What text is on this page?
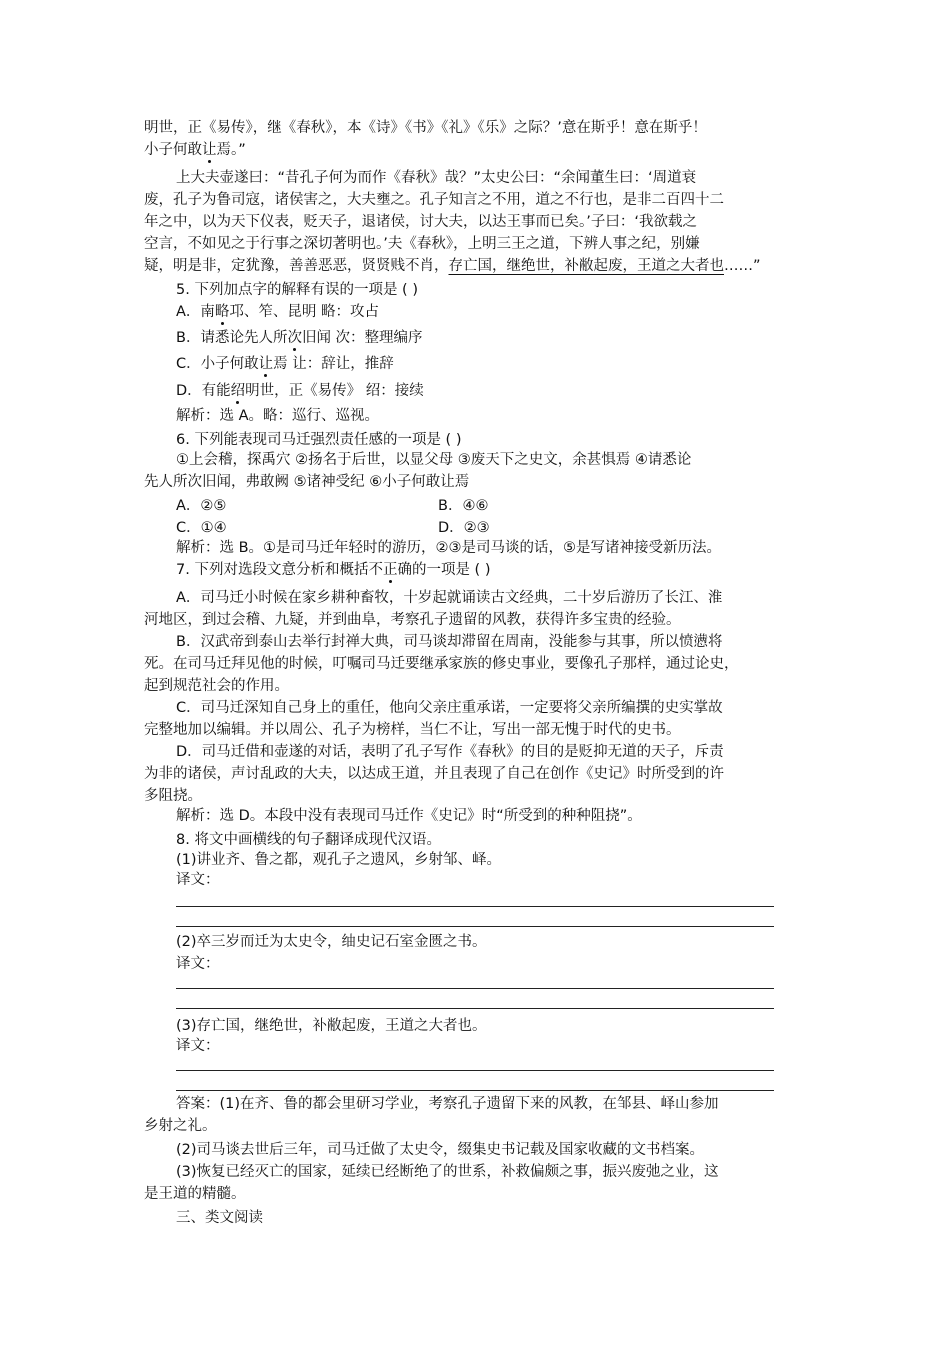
明世，正《易传》，继《春秋》，本《诗》《书》《礼》《乐》之际？’意在斯乎！意在斯乎！
小子何敢让焉。”
上大夫壶遂曰：“昔孔子何为而作《春秋》哉？”太史公曰：“余闻董生曰：‘周道衰
废，孔子为鲁司寇，诸侯害之，大夫壅之。孔子知言之不用，道之不行也，是非二百四十二
年之中，以为天下仪表，贬天子，退诸侯，讨大夫，以达王事而已矣。’子曰：‘我欲载之
空言，不如见之于行事之深切著明也。’夫《春秋》，上明三王之道，下辨人事之纪，别嫌
疑，明是非，定犹豫，善善恶恶，贤贤贱不肖，存亡国，继绝世，补敝起废，王道之大者也……”
5. 下列加点字的解释有误的一项是 ( )
A．南略邛、笮、昆明 略：攻占
B．请悉论先人所次旧闻 次：整理编序
C．小子何敢让焉 让：辞让，推辞
D．有能绍明世，正《易传》 绍：接续
解析：选 A。略：巡行、巡视。
6. 下列能表现司马迁强烈责任感的一项是 ( )
①上会稽，探禹穴 ②扬名于后世，以显父母 ③废天下之史文，余甚惧焉 ④请悉论
先人所次旧闻，弗敢阙 ⑤诸神受纪 ⑥小子何敢让焉
A．②⑤	B．④⑥
C．①④	D．②③
解析：选 B。①是司马迁年轻时的游历，②③是司马谈的话，⑤是写诸神接受新历法。
7. 下列对选段文意分析和概括不正确的一项是 ( )
A．司马迁小时候在家乡耕种畜牧，十岁起就诵读古文经典，二十岁后游历了长江、淮
河地区，到过会稽、九疑，并到曲阜，考察孔子遗留的风教，获得许多宝贵的经验。
B．汉武帝到泰山去举行封禅大典，司马谈却滞留在周南，没能参与其事，所以愤懑将
死。在司马迁拜见他的时候，叮嘱司马迁要继承家族的修史事业，要像孔子那样，通过论史，
起到规范社会的作用。
C．司马迁深知自己身上的重任，他向父亲庄重承诺，一定要将父亲所编撰的史实掌故
完整地加以编辑。并以周公、孔子为榜样，当仁不让，写出一部无愧于时代的史书。
D．司马迁借和壶遂的对话，表明了孔子写作《春秋》的目的是贬抑无道的天子，斥责
为非的诸侯，声讨乱政的大夫，以达成王道，并且表现了自己在创作《史记》时所受到的许
多阻挠。
解析：选 D。本段中没有表现司马迁作《史记》时“所受到的种种阻挠”。
8. 将文中画横线的句子翻译成现代汉语。
(1)讲业齐、鲁之都，观孔子之遗风，乡射邹、峄。
译文：
(2)卒三岁而迁为太史令，䌷史记石室金匮之书。
译文：
(3)存亡国，继绝世，补敝起废，王道之大者也。
译文：
答案：(1)在齐、鲁的都会里研习学业，考察孔子遗留下来的风教，在邹县、峄山参加
乡射之礼。
(2)司马谈去世后三年，司马迁做了太史令，缀集史书记载及国家收藏的文书档案。
(3)恢复已经灭亡的国家，延续已经断绝了的世系，补救偏颇之事，振兴废弛之业，这
是王道的精髓。
三、类文阅读
